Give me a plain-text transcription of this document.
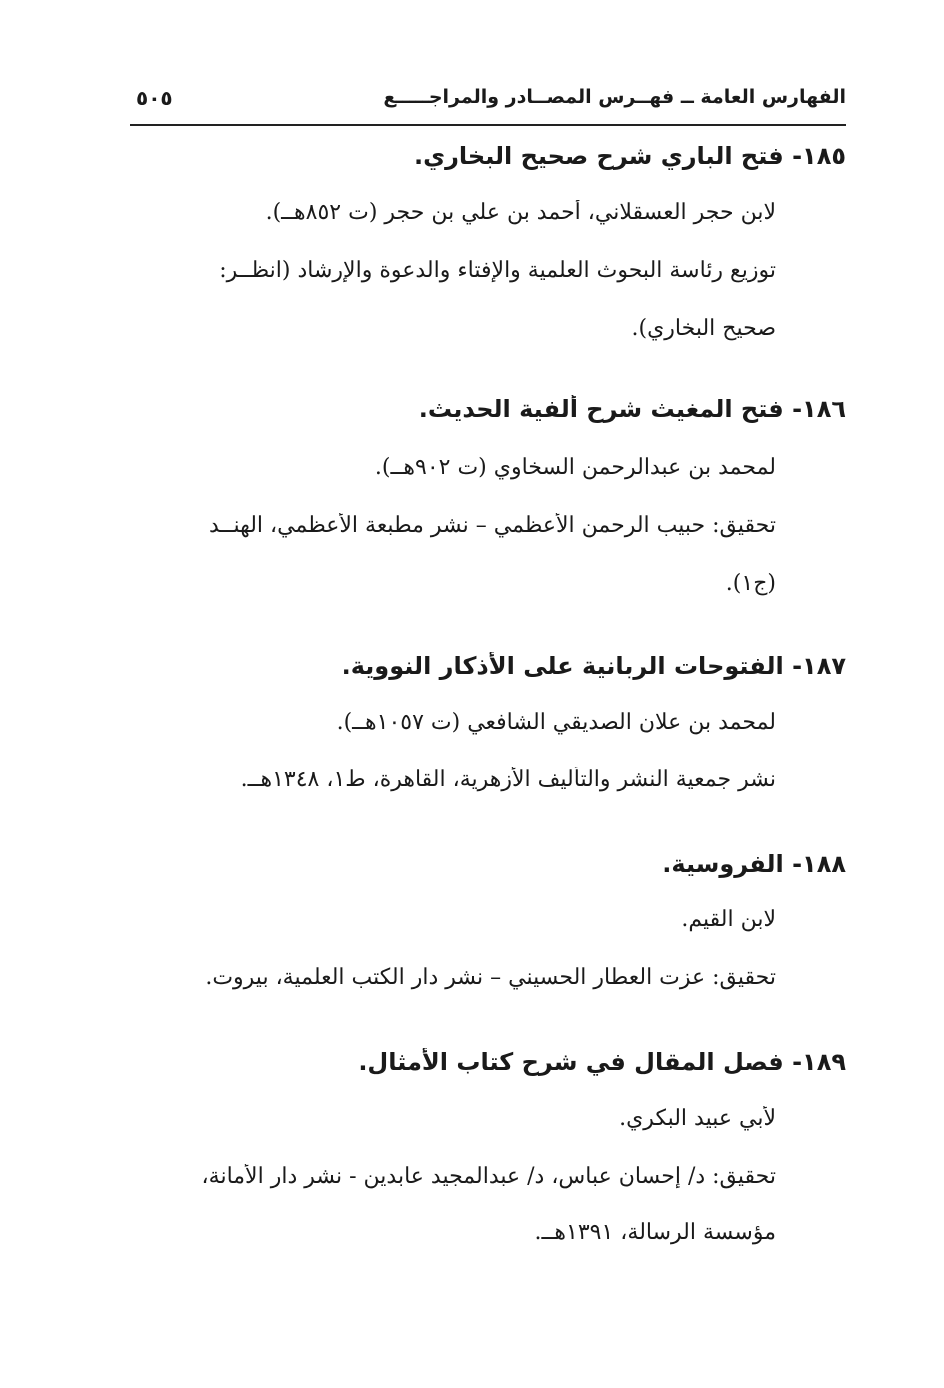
الفهارس العامة ــ فهــرس المصــادر والمراجـــــع
٥٠٥
١٨٥- فتح الباري شرح صحيح البخاري.
لابن حجر العسقلاني، أحمد بن علي بن حجر (ت ٨٥٢هــ).
توزيع رئاسة البحوث العلمية والإفتاء والدعوة والإرشاد (انظــر:
صحيح البخاري).
١٨٦- فتح المغيث شرح ألفية الحديث.
لمحمد بن عبدالرحمن السخاوي (ت ٩٠٢هــ).
تحقيق: حبيب الرحمن الأعظمي – نشر مطبعة الأعظمي، الهنــد
(ج١).
١٨٧- الفتوحات الربانية على الأذكار النووية.
لمحمد بن علان الصديقي الشافعي (ت ١٠٥٧هــ).
نشر جمعية النشر والتأليف الأزهرية، القاهرة، ط١، ١٣٤٨هــ.
١٨٨- الفروسية.
لابن القيم.
تحقيق: عزت العطار الحسيني – نشر دار الكتب العلمية، بيروت.
١٨٩- فصل المقال في شرح كتاب الأمثال.
لأبي عبيد البكري.
تحقيق: د/ إحسان عباس، د/ عبدالمجيد عابدين - نشر دار الأمانة،
مؤسسة الرسالة، ١٣٩١هــ.
